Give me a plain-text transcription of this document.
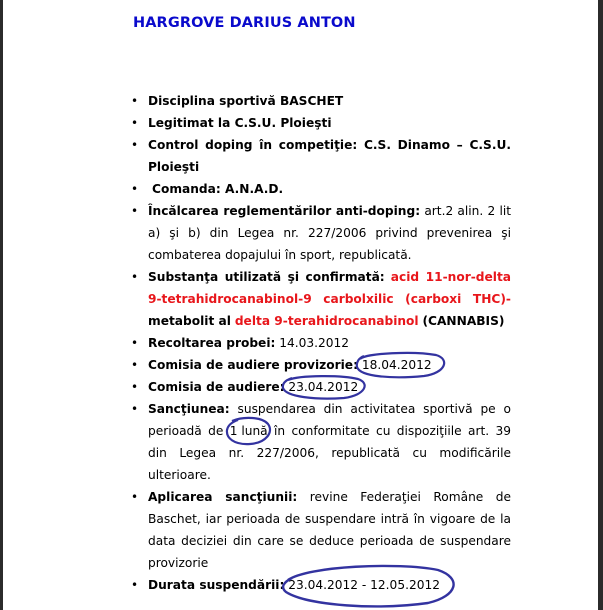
HARGROVE DARIUS ANTON
• Disciplina sportivă BASCHET
• Legitimat la C.S.U. Ploieşti
• Control doping în competiţie: C.S. Dinamo – C.S.U. Ploieşti
• Comanda: A.N.A.D.
• Încălcarea reglementărilor anti-doping: art.2 alin. 2 lit a) şi b) din Legea nr. 227/2006 privind prevenirea şi combaterea dopajului în sport, republicată.
• Substanţa utilizată şi confirmată: acid 11-nor-delta 9-tetrahidrocanabinol-9 carbolxilic (carboxi THC)- metabolit al delta 9-terahidrocanabinol (CANNABIS)
• Recoltarea probei: 14.03.2012
• Comisia de audiere provizorie: 18.04.2012
• Comisia de audiere: 23.04.2012
• Sancţiunea: suspendarea din activitatea sportivă pe o perioadă de 1 lună în conformitate cu dispoziţiile art. 39 din Legea nr. 227/2006, republicată cu modificările ulterioare.
• Aplicarea sancţiunii: revine Federaţiei Române de Baschet, iar perioada de suspendare intră în vigoare de la data deciziei din care se deduce perioada de suspendare provizorie
• Durata suspendării: 23.04.2012 - 12.05.2012
